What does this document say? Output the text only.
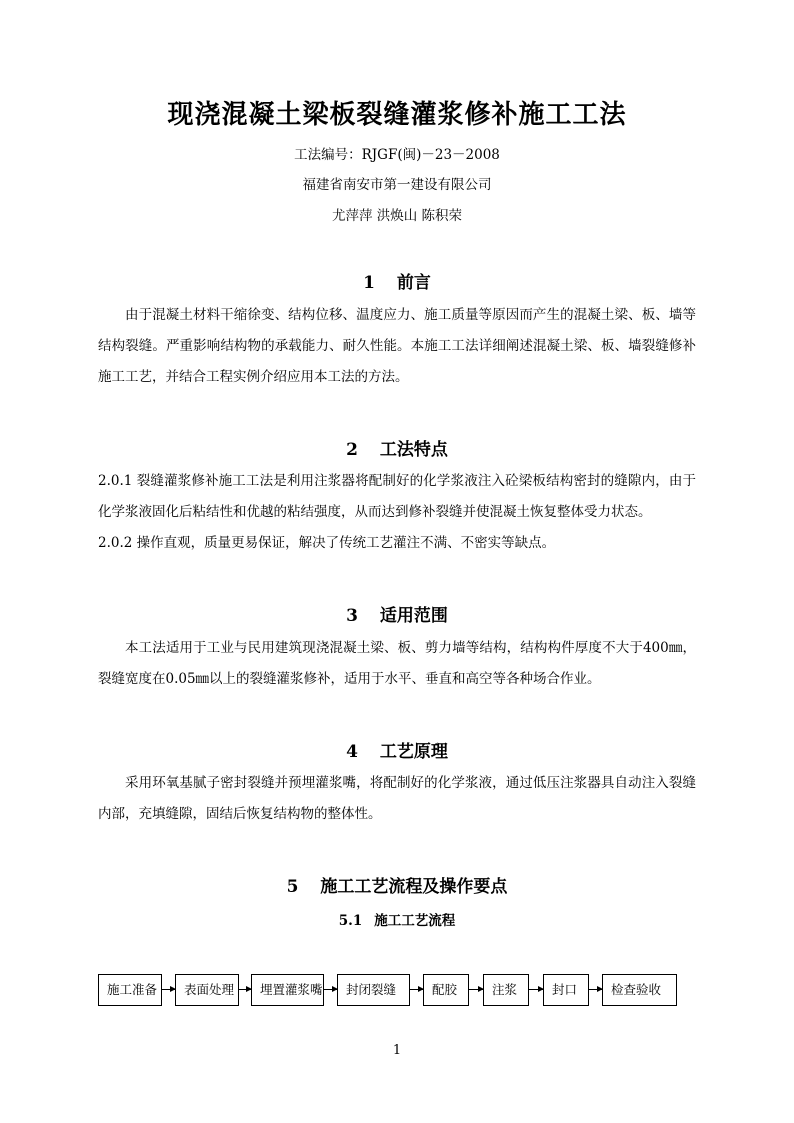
现浇混凝土梁板裂缝灌浆修补施工工法
工法编号：RJGF(闽)－23－2008
福建省南安市第一建设有限公司
尤萍萍 洪焕山 陈积荣
1 前言

由于混凝土材料干缩徐变、结构位移、温度应力、施工质量等原因而产生的混凝土梁、板、墙等结构裂缝。严重影响结构物的承载能力、耐久性能。本施工工法详细阐述混凝土梁、板、墙裂缝修补施工工艺，并结合工程实例介绍应用本工法的方法。

2 工法特点

2.0.1 裂缝灌浆修补施工工法是利用注浆器将配制好的化学浆液注入砼梁板结构密封的缝隙内，由于化学浆液固化后粘结性和优越的粘结强度，从而达到修补裂缝并使混凝土恢复整体受力状态。

2.0.2 操作直观，质量更易保证，解决了传统工艺灌注不满、不密实等缺点。

3 适用范围

本工法适用于工业与民用建筑现浇混凝土梁、板、剪力墙等结构，结构构件厚度不大于400㎜，裂缝宽度在0.05㎜以上的裂缝灌浆修补，适用于水平、垂直和高空等各种场合作业。

4 工艺原理

采用环氧基腻子密封裂缝并预埋灌浆嘴，将配制好的化学浆液，通过低压注浆器具自动注入裂缝内部，充填缝隙，固结后恢复结构物的整体性。

5 施工工艺流程及操作要点
5.1 施工工艺流程
施工准备	表面处理	埋置灌浆嘴	封闭裂缝	配胶	注浆	封口	检查验收
1
